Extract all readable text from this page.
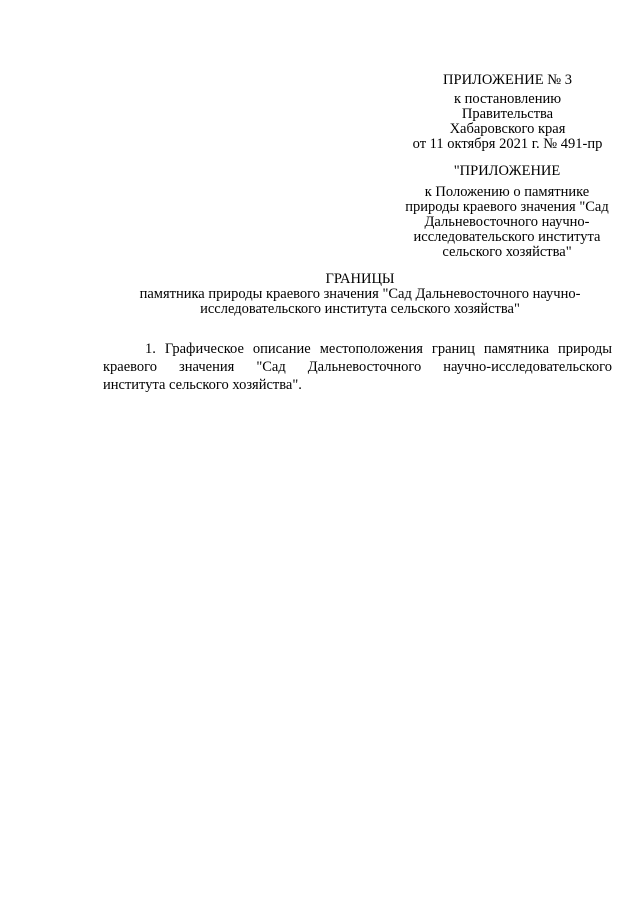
ПРИЛОЖЕНИЕ № 3
к постановлению
Правительства
Хабаровского края
от 11 октября 2021 г. № 491-пр
"ПРИЛОЖЕНИЕ
к Положению о памятнике
природы краевого значения "Сад
Дальневосточного научно-
исследовательского института
сельского хозяйства"
ГРАНИЦЫ
памятника природы краевого значения "Сад Дальневосточного научно-
исследовательского института сельского хозяйства"
1. Графическое описание местоположения границ памятника природы
краевого значения "Сад Дальневосточного научно-исследовательского
института сельского хозяйства".
